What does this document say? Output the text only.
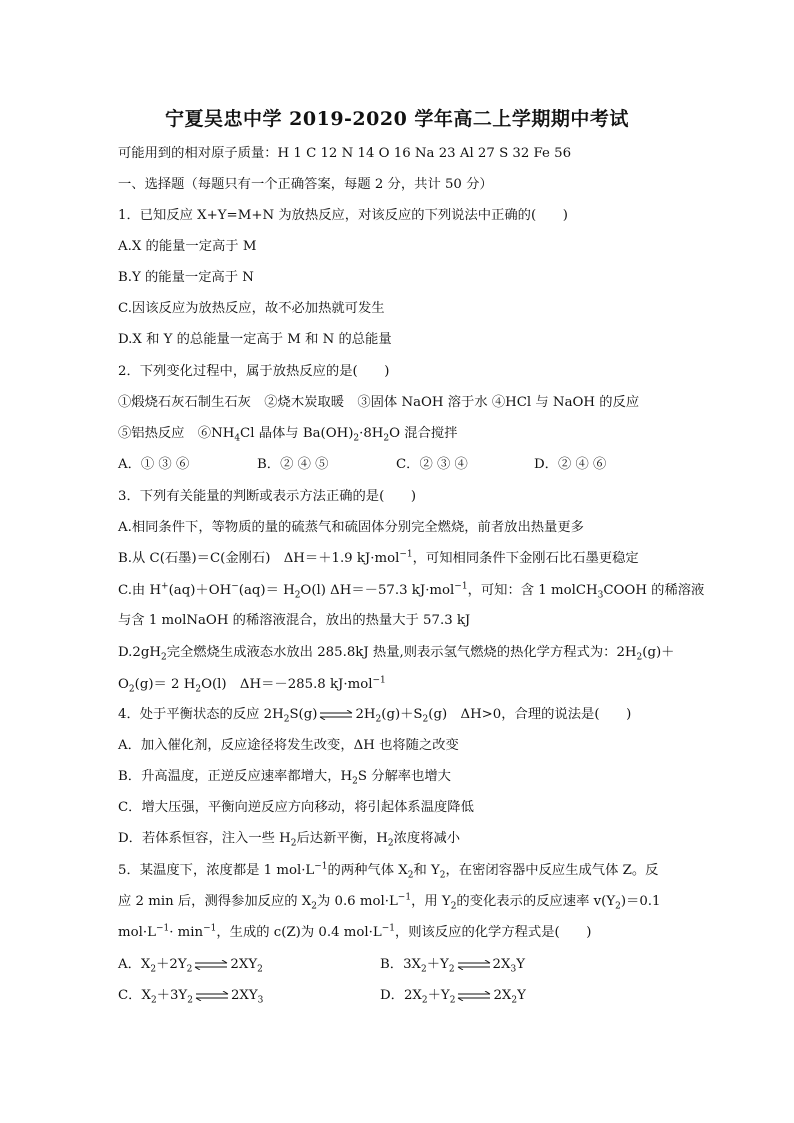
宁夏吴忠中学 2019-2020 学年高二上学期期中考试
可能用到的相对原子质量：H 1 C 12 N 14 O 16 Na 23 Al 27 S 32 Fe 56
一、选择题（每题只有一个正确答案，每题 2 分，共计 50 分）
1．已知反应 X+Y=M+N 为放热反应，对该反应的下列说法中正确的(　　)
A.X 的能量一定高于 M
B.Y 的能量一定高于 N
C.因该反应为放热反应，故不必加热就可发生
D.X 和 Y 的总能量一定高于 M 和 N 的总能量
2．下列变化过程中，属于放热反应的是(　　)
①煅烧石灰石制生石灰　②烧木炭取暖　③固体 NaOH 溶于水 ④HCl 与 NaOH 的反应
⑤铝热反应　$⑥NH_4Cl$ 晶体与 $Ba(OH)_2\cdot 8H_2O$ 混合搅拌
A．① ③ ⑥	B．② ④ ⑤	C．② ③ ④	D．② ④ ⑥
3．下列有关能量的判断或表示方法正确的是(　　)
A.相同条件下，等物质的量的硫蒸气和硫固体分别完全燃烧，前者放出热量更多
B.从 C(石墨)＝C(金刚石)　ΔH＝＋1.9 kJ·mol$^{-1}$，可知相同条件下金刚石比石墨更稳定
C.由 $H^+(aq)+OH^-(aq)= H_2O(l)$ ΔH＝－57.3 kJ·mol$^{-1}$，可知：含 1 molCH$_3$COOH 的稀溶液
与含 1 molNaOH 的稀溶液混合，放出的热量大于 57.3 kJ
$D.2gH_2$完全燃烧生成液态水放出 285.8kJ 热量,则表示氢气燃烧的热化学方程式为：$2H_2(g)+$
$O_2(g)= 2$ $H_2O(l)$　ΔH＝－285.8 kJ·mol$^{-1}$
4．处于平衡状态的反应 $2H_2S(g)$ ⇌ $2H_2(g)+S_2(g)$　ΔH>0，合理的说法是(　　)
A．加入催化剂，反应途径将发生改变，ΔH 也将随之改变
B．升高温度，正逆反应速率都增大，$H_2S$ 分解率也增大
C．增大压强，平衡向逆反应方向移动，将引起体系温度降低
D．若体系恒容，注入一些 $H_2$后达新平衡，$H_2$浓度将减小
5．某温度下，浓度都是 1 $mol\cdot L^{-1}$的两种气体 $X_2$和 $Y_2$，在密闭容器中反应生成气体 Z。反
应 2 min 后，测得参加反应的 $X_2$为 0.6 $mol\cdot L^{-1}$，用 $Y_2$的变化表示的反应速率 $v(Y_2)=0.1$
$mol\cdot L^{-1}\cdot \min^{-1}$，生成的 c(Z)为 0.4 $mol\cdot L^{-1}$，则该反应的化学方程式是(　　)
A．$X_2+2Y_2$ ⇌ $2XY_2$	B．$3X_2+Y_2$ ⇌ $2X_3Y$
C．$X_2+3Y_2$ ⇌ $2XY_3$	D．$2X_2+Y_2$ ⇌ $2X_2Y$
